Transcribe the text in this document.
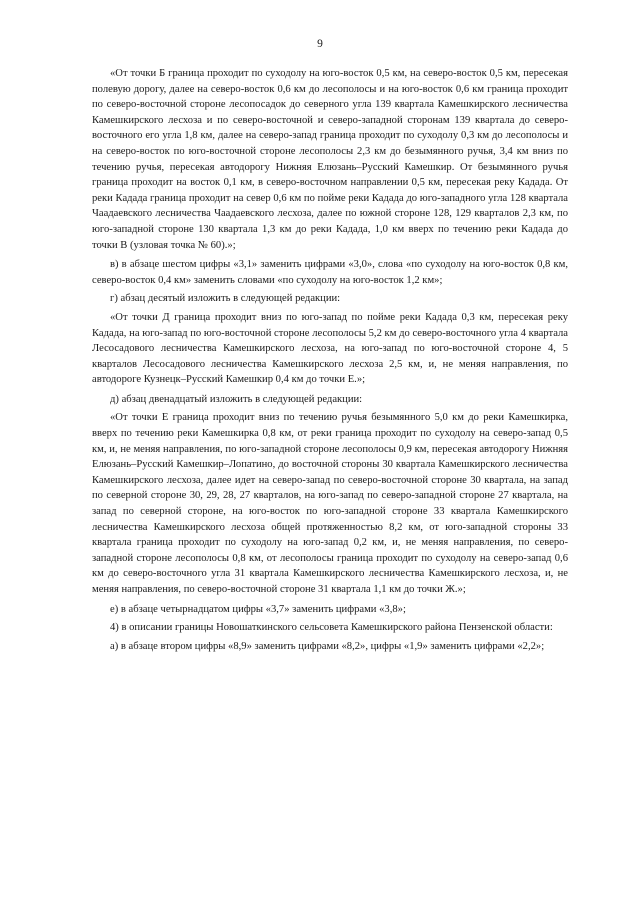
9

«От точки Б граница проходит по суходолу на юго-восток 0,5 км, на северо-восток 0,5 км, пересекая полевую дорогу, далее на северо-восток 0,6 км до лесополосы и на юго-восток 0,6 км граница проходит по северо-восточной стороне лесопосадок до северного угла 139 квартала Камешкирского лесничества Камешкирского лесхоза и по северо-восточной и северо-западной сторонам 139 квартала до северо-восточного его угла 1,8 км, далее на северо-запад граница проходит по суходолу 0,3 км до лесополосы и на северо-восток по юго-восточной стороне лесополосы 2,3 км до безымянного ручья, 3,4 км вниз по течению ручья, пересекая автодорогу Нижняя Елюзань–Русский Камешкир. От безымянного ручья граница проходит на восток 0,1 км, в северо-восточном направлении 0,5 км, пересекая реку Кадада. От реки Кадада граница проходит на север 0,6 км по пойме реки Кадада до юго-западного угла 128 квартала Чаадаевского лесничества Чаадаевского лесхоза, далее по южной стороне 128, 129 кварталов 2,3 км, по юго-западной стороне 130 квартала 1,3 км до реки Кадада, 1,0 км вверх по течению реки Кадада до точки В (узловая точка № 60).»;

в) в абзаце шестом цифры «3,1» заменить цифрами «3,0», слова «по суходолу на юго-восток 0,8 км, северо-восток 0,4 км» заменить словами «по суходолу на юго-восток 1,2 км»;

г) абзац десятый изложить в следующей редакции:

«От точки Д граница проходит вниз по юго-запад по пойме реки Кадада 0,3 км, пересекая реку Кадада, на юго-запад по юго-восточной стороне лесополосы 5,2 км до северо-восточного угла 4 квартала Лесосадового лесничества Камешкирского лесхоза, на юго-запад по юго-восточной стороне 4, 5 кварталов Лесосадового лесничества Камешкирского лесхоза 2,5 км, и, не меняя направления, по автодороге Кузнецк–Русский Камешкир 0,4 км до точки Е.»;

д) абзац двенадцатый изложить в следующей редакции:

«От точки Е граница проходит вниз по течению ручья безымянного 5,0 км до реки Камешкирка, вверх по течению реки Камешкирка 0,8 км, от реки граница проходит по суходолу на северо-запад 0,5 км, и, не меняя направления, по юго-западной стороне лесополосы 0,9 км, пересекая автодорогу Нижняя Елюзань–Русский Камешкир–Лопатино, до восточной стороны 30 квартала Камешкирского лесничества Камешкирского лесхоза, далее идет на северо-запад по северо-восточной стороне 30 квартала, на запад по северной стороне 30, 29, 28, 27 кварталов, на юго-запад по северо-западной стороне 27 квартала, на запад по северной стороне, на юго-восток по юго-западной стороне 33 квартала Камешкирского лесничества Камешкирского лесхоза общей протяженностью 8,2 км, от юго-западной стороны 33 квартала граница проходит по суходолу на юго-запад 0,2 км, и, не меняя направления, по северо-западной стороне лесополосы 0,8 км, от лесополосы граница проходит по суходолу на северо-запад 0,6 км до северо-восточного угла 31 квартала Камешкирского лесничества Камешкирского лесхоза, и, не меняя направления, по северо-восточной стороне 31 квартала 1,1 км до точки Ж.»;

е) в абзаце четырнадцатом цифры «3,7» заменить цифрами «3,8»;

4) в описании границы Новошаткинского сельсовета Камешкирского района Пензенской области:

а) в абзаце втором цифры «8,9» заменить цифрами «8,2», цифры «1,9» заменить цифрами «2,2»;
